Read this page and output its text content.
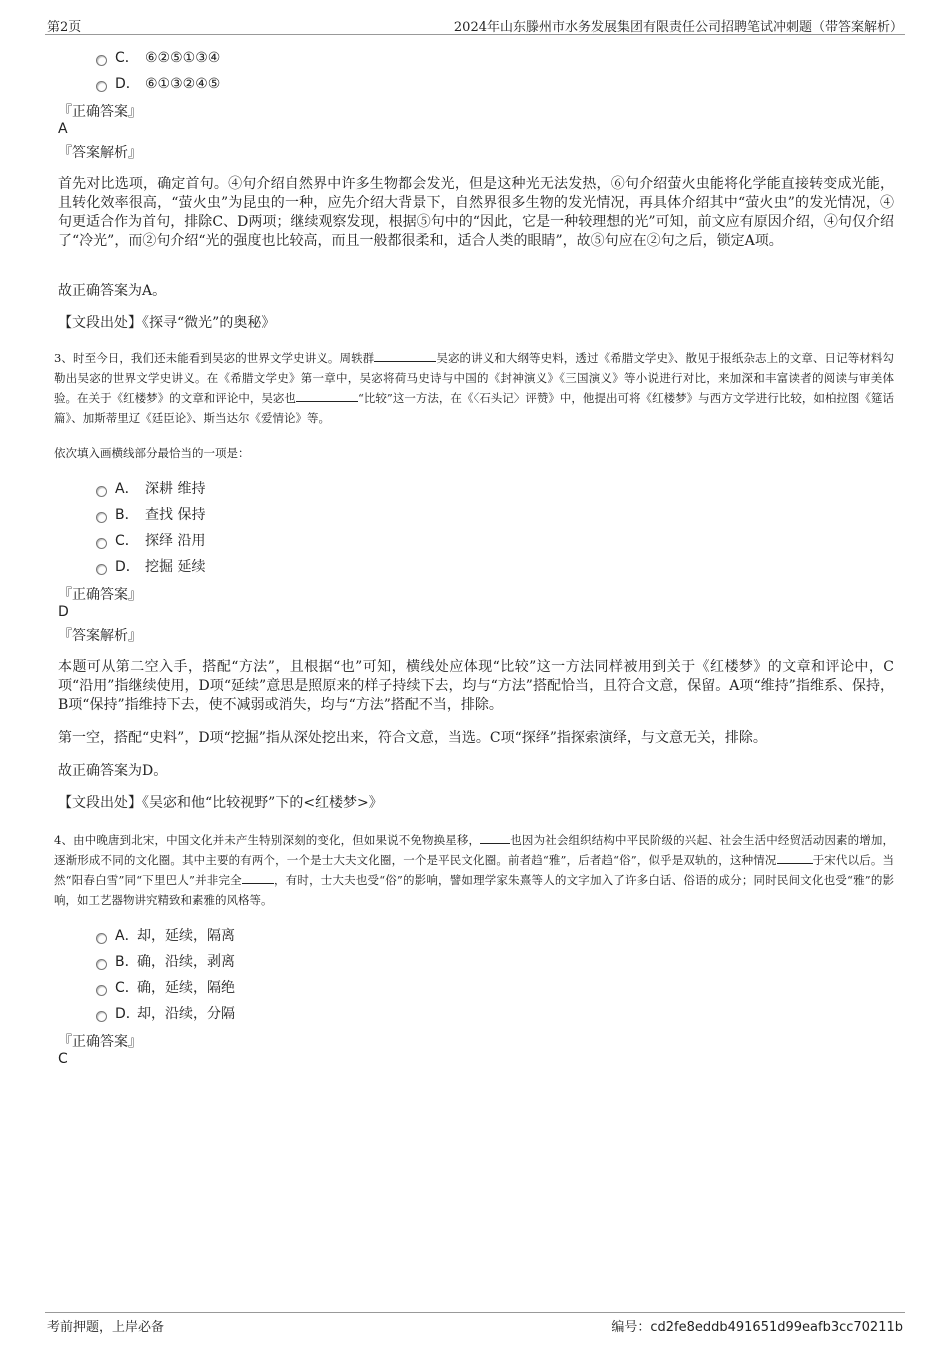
第2页	2024年山东滕州市水务发展集团有限责任公司招聘笔试冲刺题（带答案解析）
C． ⑥②⑤①③④
D． ⑥①③②④⑤
『正确答案』
A
『答案解析』
首先对比选项，确定首句。④句介绍自然界中许多生物都会发光，但是这种光无法发热，⑥句介绍萤火虫能将化学能直接转变成光能，且转化效率很高，“萤火虫”为昆虫的一种，应先介绍大背景下，自然界很多生物的发光情况，再具体介绍其中“萤火虫”的发光情况，④句更适合作为首句，排除C、D两项；继续观察发现，根据⑤句中的“因此，它是一种较理想的光”可知，前文应有原因介绍，④句仅介绍了“冷光”，而②句介绍“光的强度也比较高，而且一般都很柔和，适合人类的眼睛”，故⑤句应在②句之后，锁定A项。
故正确答案为A。
【文段出处】《探寻“微光”的奥秘》
3、时至今日，我们还未能看到吴宓的世界文学史讲义。周轶群	吴宓的讲义和大纲等史料，透过《希腊文学史》、散见于报纸杂志上的文章、日记等材料勾勒出吴宓的世界文学史讲义。在《希腊文学史》第一章中，吴宓将荷马史诗与中国的《封神演义》《三国演义》等小说进行对比，来加深和丰富读者的阅读与审美体验。在关于《红楼梦》的文章和评论中，吴宓也	“比较”这一方法，在《〈石头记〉评赞》中，他提出可将《红楼梦》与西方文学进行比较，如柏拉图《筵话篇》、加斯蒂里辽《廷臣论》、斯当达尔《爱情论》等。
依次填入画横线部分最恰当的一项是：
A． 深耕 维持
B． 查找 保持
C． 探绎 沿用
D． 挖掘 延续
『正确答案』
D
『答案解析』
本题可从第二空入手，搭配“方法”，且根据“也”可知，横线处应体现“比较”这一方法同样被用到关于《红楼梦》的文章和评论中，C项“沿用”指继续使用，D项“延续”意思是照原来的样子持续下去，均与“方法”搭配恰当，且符合文意，保留。A项“维持”指维系、保持，B项“保持”指维持下去，使不减弱或消失，均与“方法”搭配不当，排除。
第一空，搭配“史料”，D项“挖掘”指从深处挖出来，符合文意，当选。C项“探绎”指探索演绎，与文意无关，排除。
故正确答案为D。
【文段出处】《吴宓和他“比较视野”下的<红楼梦>》
4、由中晚唐到北宋，中国文化并未产生特别深刻的变化，但如果说不免物换星移，	也因为社会组织结构中平民阶级的兴起、社会生活中经贸活动因素的增加，逐渐形成不同的文化圈。其中主要的有两个，一个是士大夫文化圈，一个是平民文化圈。前者趋“雅”，后者趋“俗”，似乎是双轨的，这种情况	于宋代以后。当然“阳春白雪”同“下里巴人”并非完全	，有时，士大夫也受“俗”的影响，譬如理学家朱熹等人的文字加入了许多白话、俗语的成分；同时民间文化也受“雅”的影响，如工艺器物讲究精致和素雅的风格等。
A．
却，延续，隔离
B．
确，沿续，剥离
C．
确，延续，隔绝
D．
却，沿续，分隔
『正确答案』
C
考前押题，上岸必备	编号：cd2fe8eddb491651d99eafb3cc70211b
